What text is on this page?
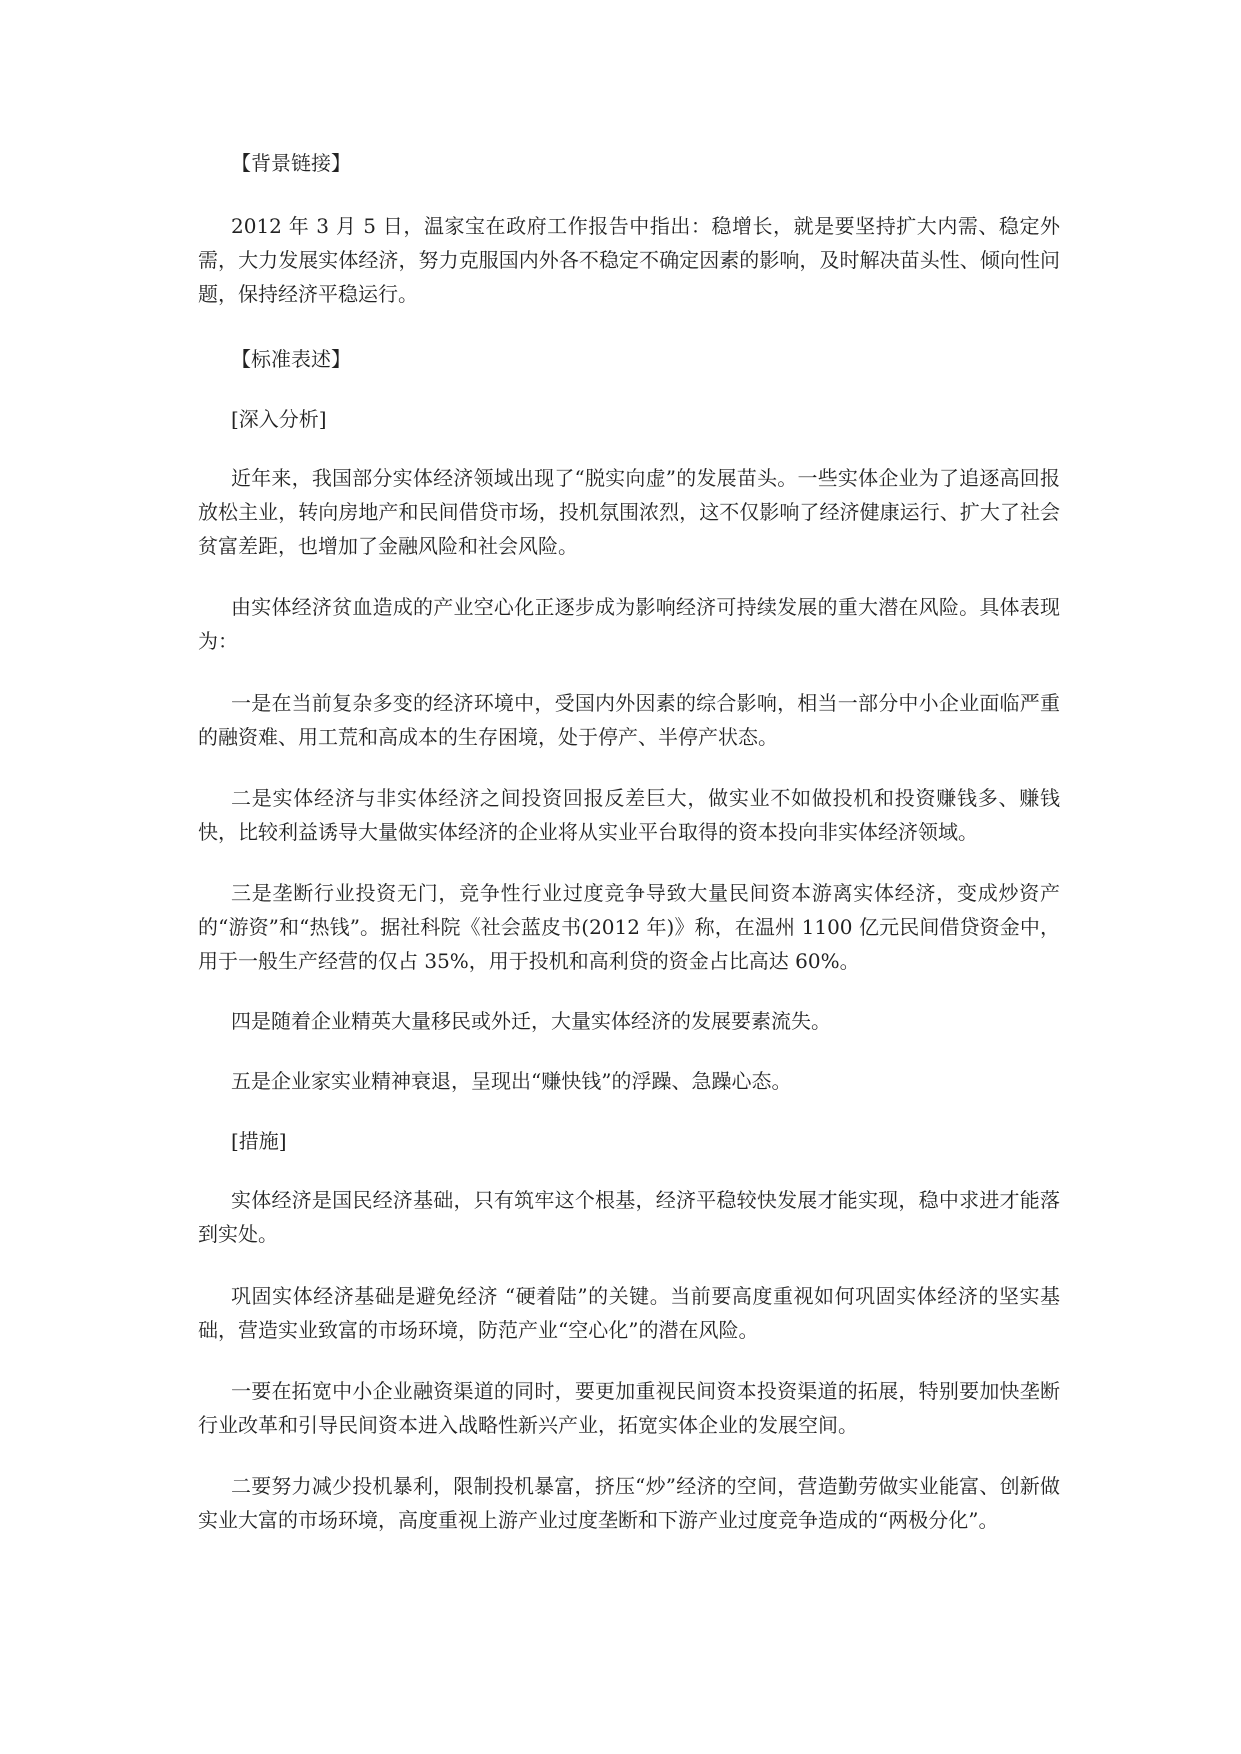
【背景链接】

2012 年 3 月 5 日，温家宝在政府工作报告中指出：稳增长，就是要坚持扩大内需、稳定外需，大力发展实体经济，努力克服国内外各不稳定不确定因素的影响，及时解决苗头性、倾向性问题，保持经济平稳运行。

【标准表述】

[深入分析]

近年来，我国部分实体经济领域出现了“脱实向虚”的发展苗头。一些实体企业为了追逐高回报放松主业，转向房地产和民间借贷市场，投机氛围浓烈，这不仅影响了经济健康运行、扩大了社会贫富差距，也增加了金融风险和社会风险。

由实体经济贫血造成的产业空心化正逐步成为影响经济可持续发展的重大潜在风险。具体表现为：

一是在当前复杂多变的经济环境中，受国内外因素的综合影响，相当一部分中小企业面临严重的融资难、用工荒和高成本的生存困境，处于停产、半停产状态。

二是实体经济与非实体经济之间投资回报反差巨大，做实业不如做投机和投资赚钱多、赚钱快，比较利益诱导大量做实体经济的企业将从实业平台取得的资本投向非实体经济领域。

三是垄断行业投资无门，竞争性行业过度竞争导致大量民间资本游离实体经济，变成炒资产的“游资”和“热钱”。据社科院《社会蓝皮书(2012 年)》称，在温州 1100 亿元民间借贷资金中，用于一般生产经营的仅占 35%，用于投机和高利贷的资金占比高达 60%。

四是随着企业精英大量移民或外迁，大量实体经济的发展要素流失。

五是企业家实业精神衰退，呈现出“赚快钱”的浮躁、急躁心态。

[措施]

实体经济是国民经济基础，只有筑牢这个根基，经济平稳较快发展才能实现，稳中求进才能落到实处。

巩固实体经济基础是避免经济 “硬着陆”的关键。当前要高度重视如何巩固实体经济的坚实基础，营造实业致富的市场环境，防范产业“空心化”的潜在风险。

一要在拓宽中小企业融资渠道的同时，要更加重视民间资本投资渠道的拓展，特别要加快垄断行业改革和引导民间资本进入战略性新兴产业，拓宽实体企业的发展空间。

二要努力减少投机暴利，限制投机暴富，挤压“炒”经济的空间，营造勤劳做实业能富、创新做实业大富的市场环境，高度重视上游产业过度垄断和下游产业过度竞争造成的“两极分化”。
